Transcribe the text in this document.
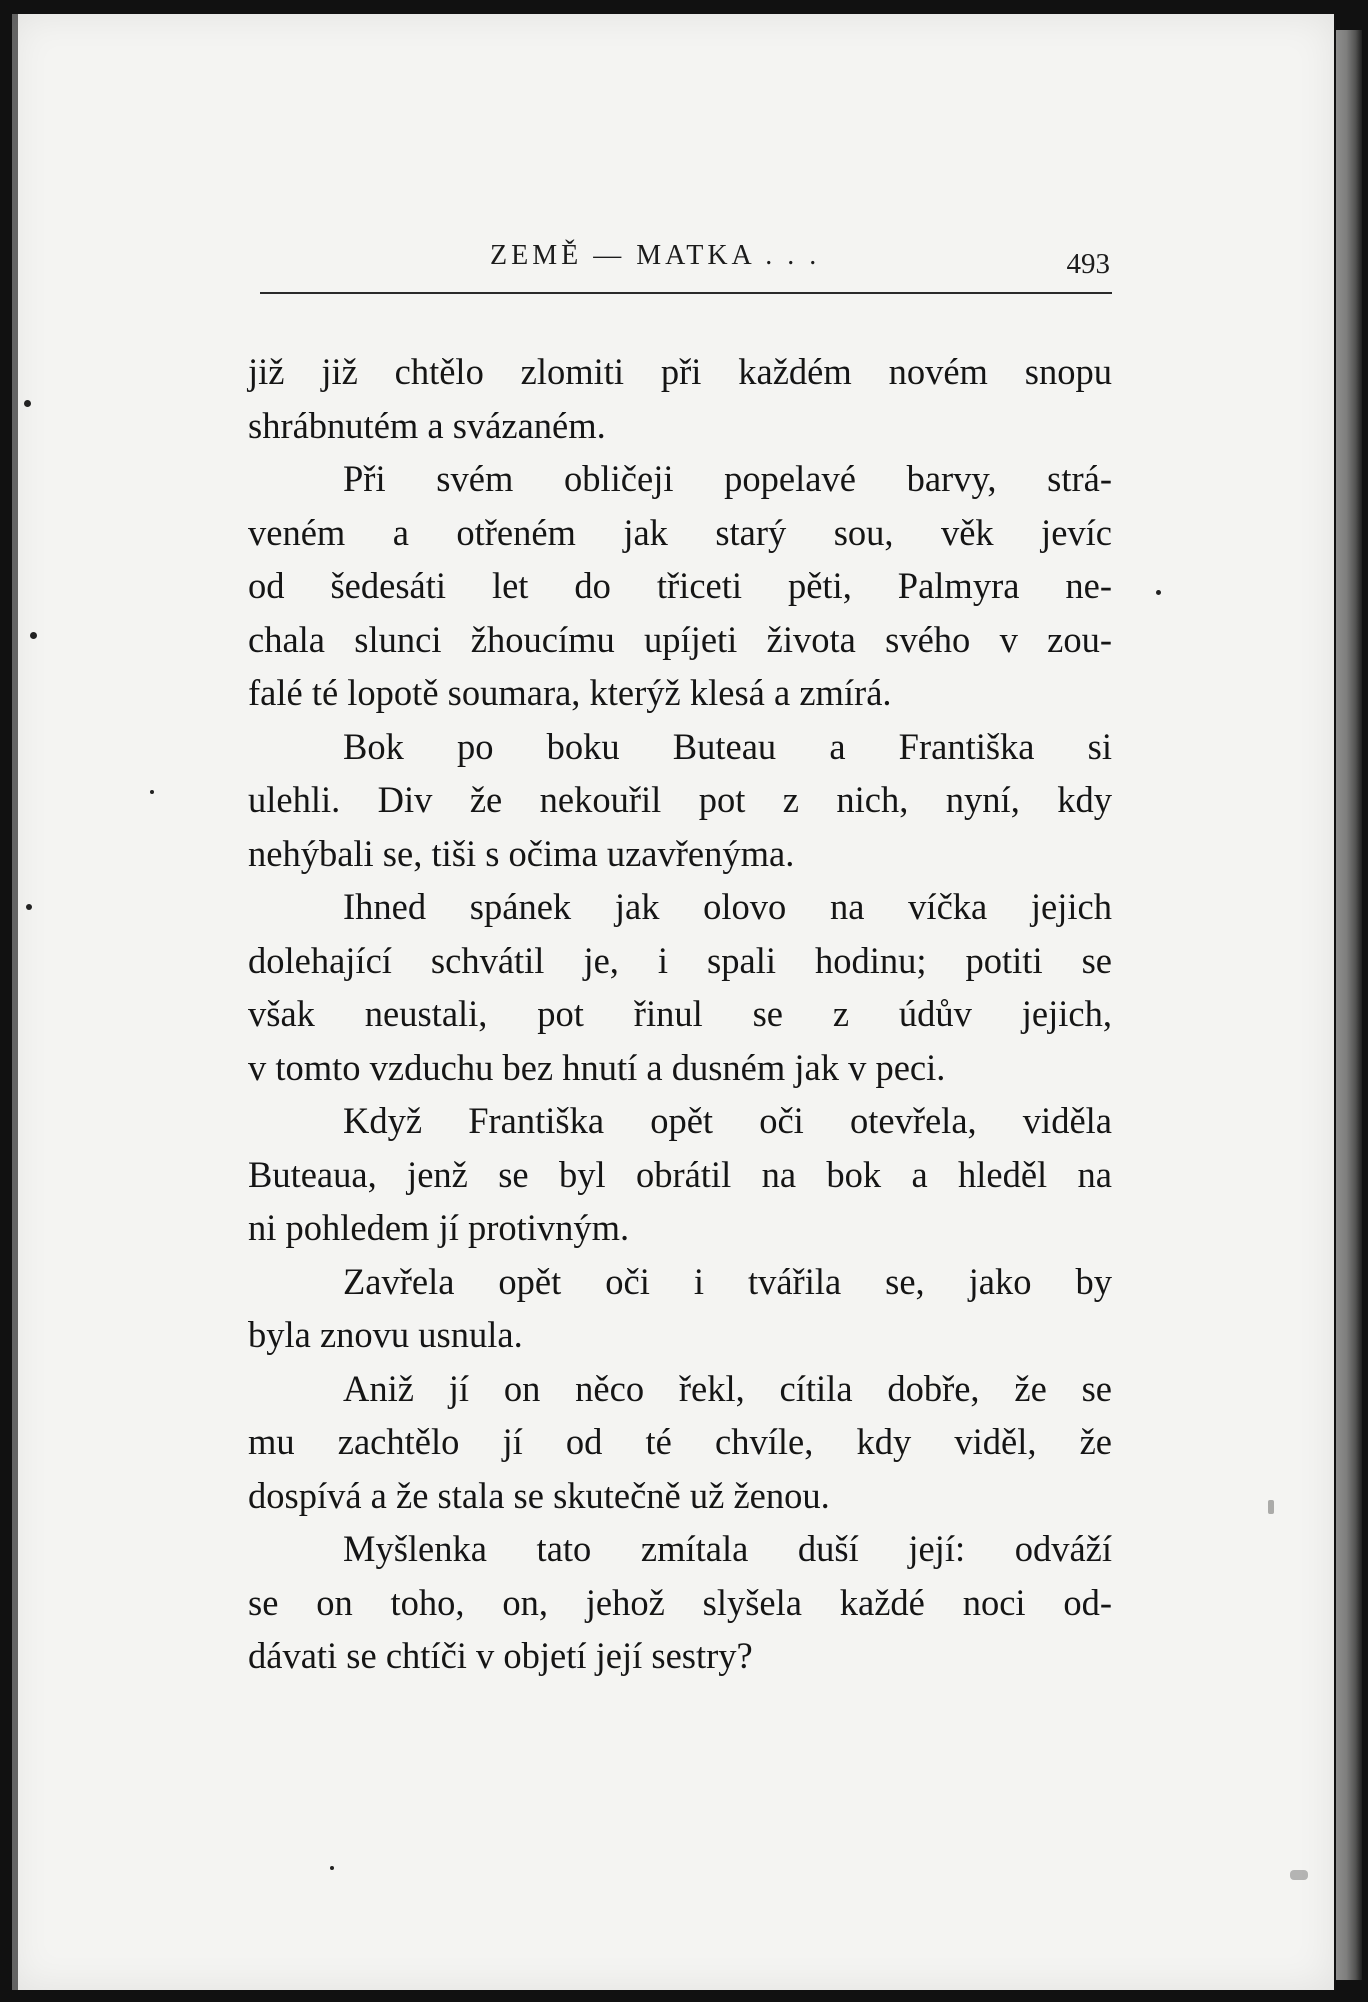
ZEMĚ — MATKA . . .	493
již již chtělo zlomiti při každém novém snopu
shrábnutém a svázaném.
Při svém obličeji popelavé barvy, strá-
veném a otřeném jak starý sou, věk jevíc
od šedesáti let do třiceti pěti, Palmyra ne-
chala slunci žhoucímu upíjeti života svého v zou-
falé té lopotě soumara, kterýž klesá a zmírá.
Bok po boku Buteau a Františka si
ulehli. Div že nekouřil pot z nich, nyní, kdy
nehýbali se, tiši s očima uzavřenýma.
Ihned spánek jak olovo na víčka jejich
dolehající schvátil je, i spali hodinu; potiti se
však neustali, pot řinul se z údův jejich,
v tomto vzduchu bez hnutí a dusném jak v peci.
Když Františka opět oči otevřela, viděla
Buteaua, jenž se byl obrátil na bok a hleděl na
ni pohledem jí protivným.
Zavřela opět oči i tvářila se, jako by
byla znovu usnula.
Aniž jí on něco řekl, cítila dobře, že se
mu zachtělo jí od té chvíle, kdy viděl, že
dospívá a že stala se skutečně už ženou.
Myšlenka tato zmítala duší její: odváží
se on toho, on, jehož slyšela každé noci od-
dávati se chtíči v objetí její sestry?
